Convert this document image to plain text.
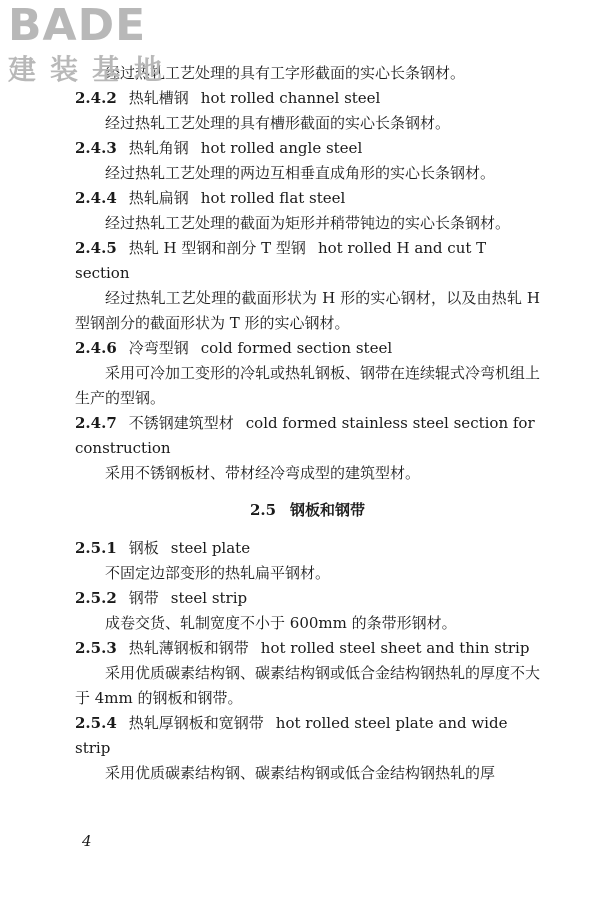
BADE
建装基地

经过热轧工艺处理的具有工字形截面的实心长条钢材。

2.4.2 热轧槽钢 hot rolled channel steel

经过热轧工艺处理的具有槽形截面的实心长条钢材。

2.4.3 热轧角钢 hot rolled angle steel

经过热轧工艺处理的两边互相垂直成角形的实心长条钢材。

2.4.4 热轧扁钢 hot rolled flat steel

经过热轧工艺处理的截面为矩形并稍带钝边的实心长条钢材。

2.4.5 热轧 H 型钢和剖分 T 型钢 hot rolled H and cut T section

经过热轧工艺处理的截面形状为 H 形的实心钢材，以及由热轧 H 型钢剖分的截面形状为 T 形的实心钢材。

2.4.6 冷弯型钢 cold formed section steel

采用可冷加工变形的冷轧或热轧钢板、钢带在连续辊式冷弯机组上生产的型钢。

2.4.7 不锈钢建筑型材 cold formed stainless steel section for construction

采用不锈钢板材、带材经冷弯成型的建筑型材。

2.5 钢板和钢带

2.5.1 钢板 steel plate

不固定边部变形的热轧扁平钢材。

2.5.2 钢带 steel strip

成卷交货、轧制宽度不小于 600mm 的条带形钢材。

2.5.3 热轧薄钢板和钢带 hot rolled steel sheet and thin strip

采用优质碳素结构钢、碳素结构钢或低合金结构钢热轧的厚度不大于 4mm 的钢板和钢带。

2.5.4 热轧厚钢板和宽钢带 hot rolled steel plate and wide strip

采用优质碳素结构钢、碳素结构钢或低合金结构钢热轧的厚

4
